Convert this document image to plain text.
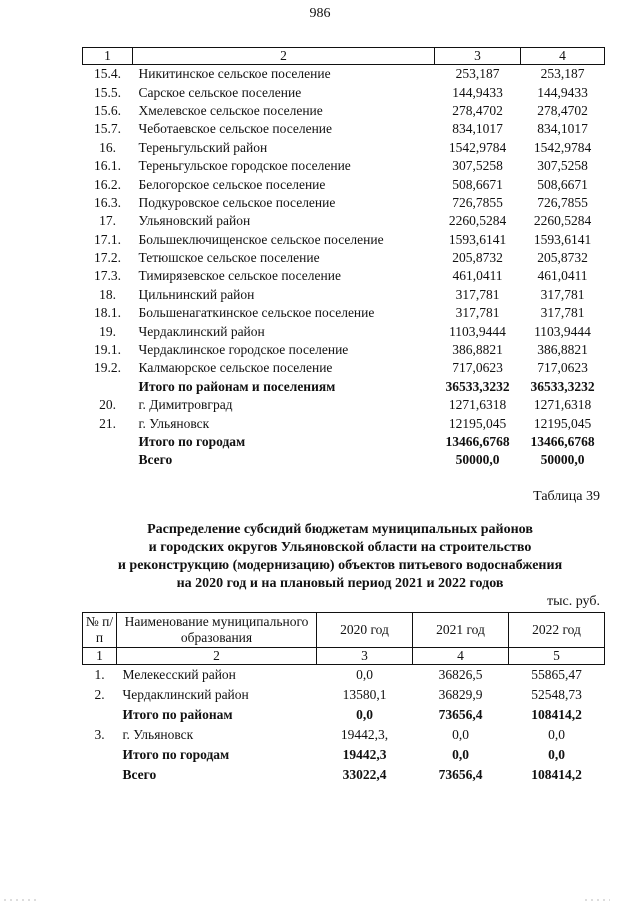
986
1	2	3	4
15.4.	Никитинское сельское поселение	253,187	253,187
15.5.	Сарское сельское поселение	144,9433	144,9433
15.6.	Хмелевское сельское поселение	278,4702	278,4702
15.7.	Чеботаевское сельское поселение	834,1017	834,1017
16.	Тереньгульский район	1542,9784	1542,9784
16.1.	Тереньгульское городское поселение	307,5258	307,5258
16.2.	Белогорское сельское поселение	508,6671	508,6671
16.3.	Подкуровское сельское поселение	726,7855	726,7855
17.	Ульяновский район	2260,5284	2260,5284
17.1.	Большеключищенское сельское поселение	1593,6141	1593,6141
17.2.	Тетюшское сельское поселение	205,8732	205,8732
17.3.	Тимирязевское сельское поселение	461,0411	461,0411
18.	Цильнинский район	317,781	317,781
18.1.	Большенагаткинское сельское поселение	317,781	317,781
19.	Чердаклинский район	1103,9444	1103,9444
19.1.	Чердаклинское городское поселение	386,8821	386,8821
19.2.	Калмаюрское сельское поселение	717,0623	717,0623
	Итого по районам и поселениям	36533,3232	36533,3232
20.	г. Димитровград	1271,6318	1271,6318
21.	г. Ульяновск	12195,045	12195,045
	Итого по городам	13466,6768	13466,6768
	Всего	50000,0	50000,0
Таблица 39
Распределение субсидий бюджетам муниципальных районов
и городских округов Ульяновской области на строительство
и реконструкцию (модернизацию) объектов питьевого водоснабжения
на 2020 год и на плановый период 2021 и 2022 годов
тыс. руб.
№ п/п	Наименование муниципального образования	2020 год	2021 год	2022 год
1	2	3	4	5
1.	Мелекесский район	0,0	36826,5	55865,47
2.	Чердаклинский район	13580,1	36829,9	52548,73
	Итого по районам	0,0	73656,4	108414,2
3.	г. Ульяновск	19442,3,	0,0	0,0
	Итого по городам	19442,3	0,0	0,0
	Всего	33022,4	73656,4	108414,2
